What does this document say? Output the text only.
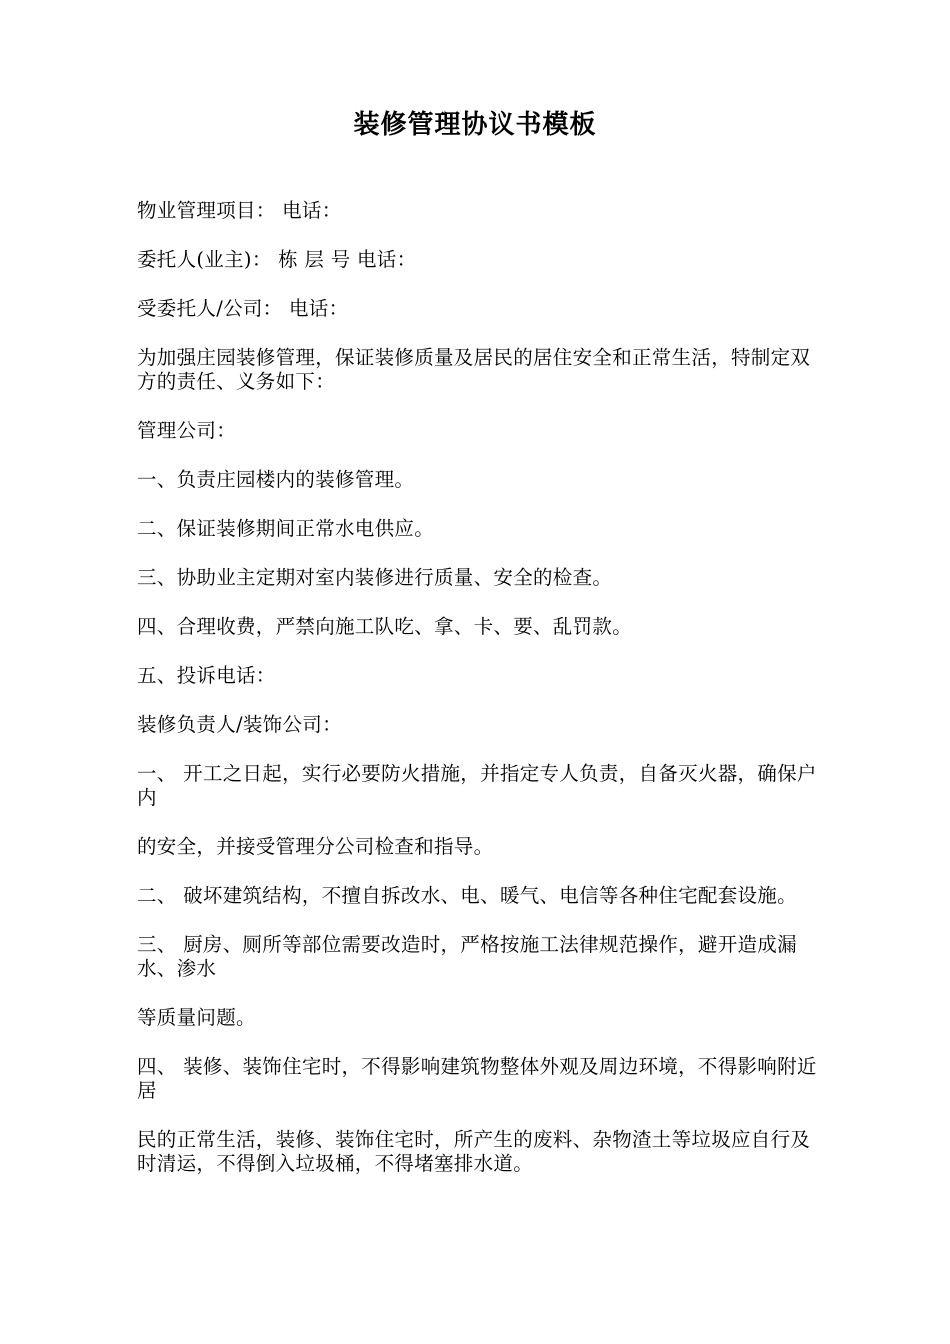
装修管理协议书模板

物业管理项目： 电话：

委托人(业主)： 栋 层 号 电话：

受委托人/公司： 电话：

为加强庄园装修管理，保证装修质量及居民的居住安全和正常生活，特制定双方的责任、义务如下：

管理公司：

一、负责庄园楼内的装修管理。

二、保证装修期间正常水电供应。

三、协助业主定期对室内装修进行质量、安全的检查。

四、合理收费，严禁向施工队吃、拿、卡、要、乱罚款。

五、投诉电话：

装修负责人/装饰公司：

一、 开工之日起，实行必要防火措施，并指定专人负责，自备灭火器，确保户内

的安全，并接受管理分公司检查和指导。

二、 破坏建筑结构，不擅自拆改水、电、暖气、电信等各种住宅配套设施。

三、 厨房、厕所等部位需要改造时，严格按施工法律规范操作，避开造成漏水、渗水

等质量问题。

四、 装修、装饰住宅时，不得影响建筑物整体外观及周边环境，不得影响附近居

民的正常生活，装修、装饰住宅时，所产生的废料、杂物渣土等垃圾应自行及时清运，不得倒入垃圾桶，不得堵塞排水道。
